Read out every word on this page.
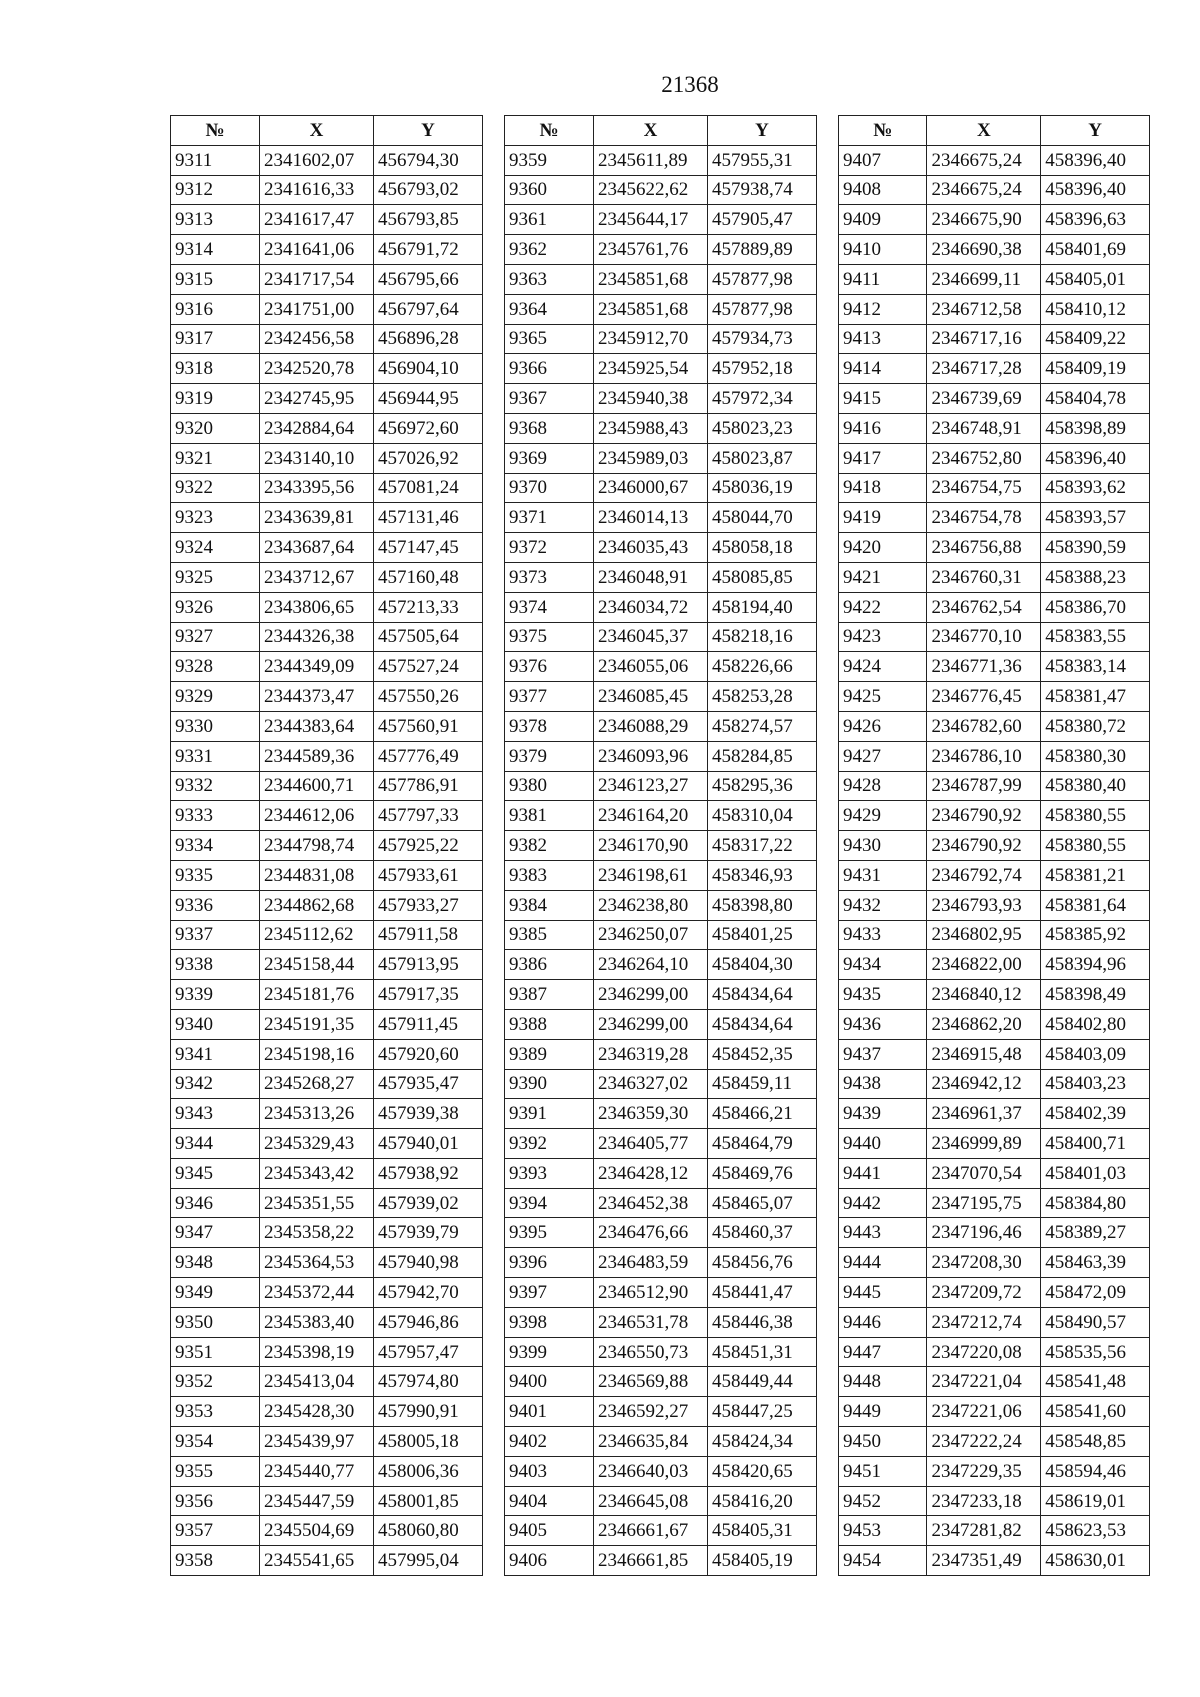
21368
№	X	Y
9311	2341602,07	456794,30
9312	2341616,33	456793,02
9313	2341617,47	456793,85
9314	2341641,06	456791,72
9315	2341717,54	456795,66
9316	2341751,00	456797,64
9317	2342456,58	456896,28
9318	2342520,78	456904,10
9319	2342745,95	456944,95
9320	2342884,64	456972,60
9321	2343140,10	457026,92
9322	2343395,56	457081,24
9323	2343639,81	457131,46
9324	2343687,64	457147,45
9325	2343712,67	457160,48
9326	2343806,65	457213,33
9327	2344326,38	457505,64
9328	2344349,09	457527,24
9329	2344373,47	457550,26
9330	2344383,64	457560,91
9331	2344589,36	457776,49
9332	2344600,71	457786,91
9333	2344612,06	457797,33
9334	2344798,74	457925,22
9335	2344831,08	457933,61
9336	2344862,68	457933,27
9337	2345112,62	457911,58
9338	2345158,44	457913,95
9339	2345181,76	457917,35
9340	2345191,35	457911,45
9341	2345198,16	457920,60
9342	2345268,27	457935,47
9343	2345313,26	457939,38
9344	2345329,43	457940,01
9345	2345343,42	457938,92
9346	2345351,55	457939,02
9347	2345358,22	457939,79
9348	2345364,53	457940,98
9349	2345372,44	457942,70
9350	2345383,40	457946,86
9351	2345398,19	457957,47
9352	2345413,04	457974,80
9353	2345428,30	457990,91
9354	2345439,97	458005,18
9355	2345440,77	458006,36
9356	2345447,59	458001,85
9357	2345504,69	458060,80
9358	2345541,65	457995,04
№	X	Y
9359	2345611,89	457955,31
9360	2345622,62	457938,74
9361	2345644,17	457905,47
9362	2345761,76	457889,89
9363	2345851,68	457877,98
9364	2345851,68	457877,98
9365	2345912,70	457934,73
9366	2345925,54	457952,18
9367	2345940,38	457972,34
9368	2345988,43	458023,23
9369	2345989,03	458023,87
9370	2346000,67	458036,19
9371	2346014,13	458044,70
9372	2346035,43	458058,18
9373	2346048,91	458085,85
9374	2346034,72	458194,40
9375	2346045,37	458218,16
9376	2346055,06	458226,66
9377	2346085,45	458253,28
9378	2346088,29	458274,57
9379	2346093,96	458284,85
9380	2346123,27	458295,36
9381	2346164,20	458310,04
9382	2346170,90	458317,22
9383	2346198,61	458346,93
9384	2346238,80	458398,80
9385	2346250,07	458401,25
9386	2346264,10	458404,30
9387	2346299,00	458434,64
9388	2346299,00	458434,64
9389	2346319,28	458452,35
9390	2346327,02	458459,11
9391	2346359,30	458466,21
9392	2346405,77	458464,79
9393	2346428,12	458469,76
9394	2346452,38	458465,07
9395	2346476,66	458460,37
9396	2346483,59	458456,76
9397	2346512,90	458441,47
9398	2346531,78	458446,38
9399	2346550,73	458451,31
9400	2346569,88	458449,44
9401	2346592,27	458447,25
9402	2346635,84	458424,34
9403	2346640,03	458420,65
9404	2346645,08	458416,20
9405	2346661,67	458405,31
9406	2346661,85	458405,19
№	X	Y
9407	2346675,24	458396,40
9408	2346675,24	458396,40
9409	2346675,90	458396,63
9410	2346690,38	458401,69
9411	2346699,11	458405,01
9412	2346712,58	458410,12
9413	2346717,16	458409,22
9414	2346717,28	458409,19
9415	2346739,69	458404,78
9416	2346748,91	458398,89
9417	2346752,80	458396,40
9418	2346754,75	458393,62
9419	2346754,78	458393,57
9420	2346756,88	458390,59
9421	2346760,31	458388,23
9422	2346762,54	458386,70
9423	2346770,10	458383,55
9424	2346771,36	458383,14
9425	2346776,45	458381,47
9426	2346782,60	458380,72
9427	2346786,10	458380,30
9428	2346787,99	458380,40
9429	2346790,92	458380,55
9430	2346790,92	458380,55
9431	2346792,74	458381,21
9432	2346793,93	458381,64
9433	2346802,95	458385,92
9434	2346822,00	458394,96
9435	2346840,12	458398,49
9436	2346862,20	458402,80
9437	2346915,48	458403,09
9438	2346942,12	458403,23
9439	2346961,37	458402,39
9440	2346999,89	458400,71
9441	2347070,54	458401,03
9442	2347195,75	458384,80
9443	2347196,46	458389,27
9444	2347208,30	458463,39
9445	2347209,72	458472,09
9446	2347212,74	458490,57
9447	2347220,08	458535,56
9448	2347221,04	458541,48
9449	2347221,06	458541,60
9450	2347222,24	458548,85
9451	2347229,35	458594,46
9452	2347233,18	458619,01
9453	2347281,82	458623,53
9454	2347351,49	458630,01
